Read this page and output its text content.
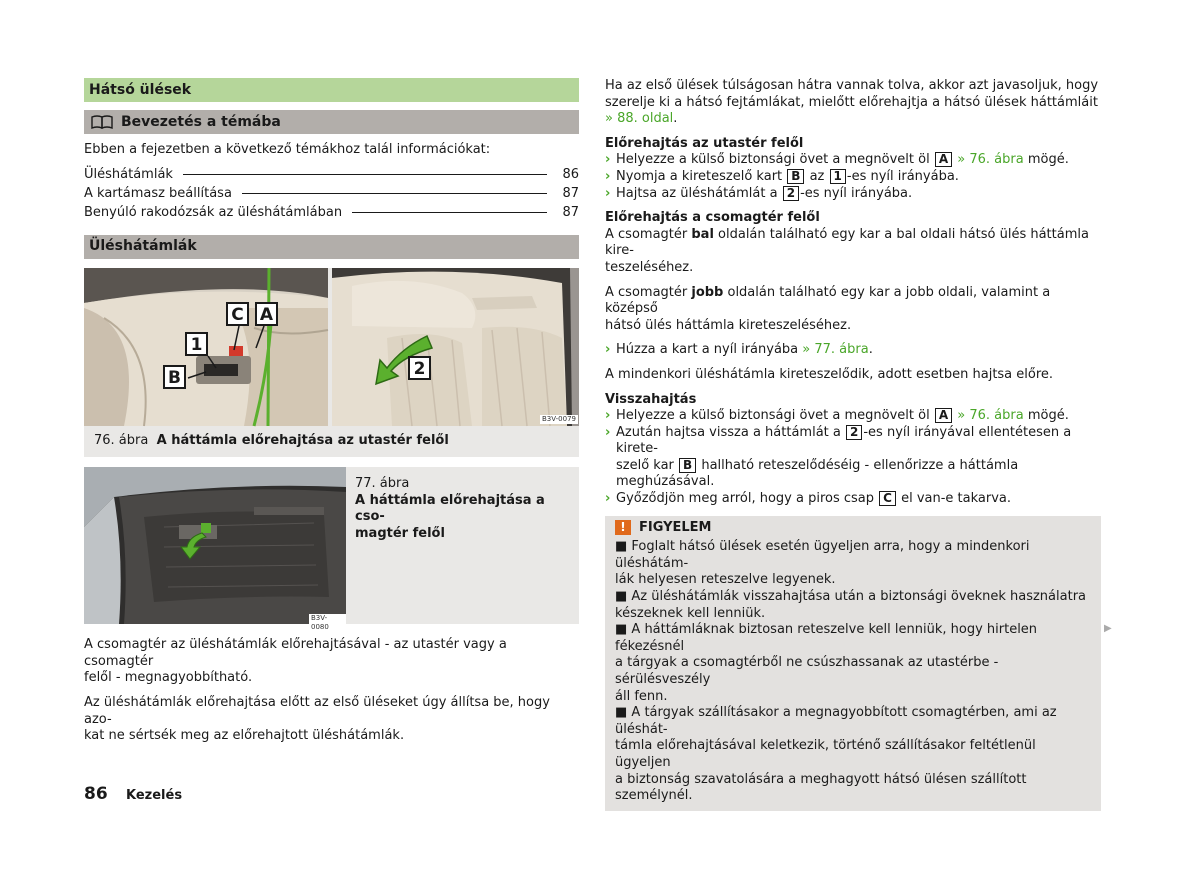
Hátsó ülések
Bevezetés a témába
Ebben a fejezetben a következő témákhoz talál információkat:
Üléshátámlák	86
A kartámasz beállítása	87
Benyúló rakodózsák az üléshátámlában	87
Üléshátámlák
C A
1
B	2
B3V-0079
76. ábra A háttámla előrehajtása az utastér felől
B3V-0080
77. ábra
A háttámla előrehajtása a cso-
magtér felől
A csomagtér az üléshátámlák előrehajtásával - az utastér vagy a csomagtér
felől - megnagyobbítható.
Az üléshátámlák előrehajtása előtt az első üléseket úgy állítsa be, hogy azo-
kat ne sértsék meg az előrehajtott üléshátámlák.
Ha az első ülések túlságosan hátra vannak tolva, akkor azt javasoljuk, hogy
szerelje ki a hátsó fejtámlákat, mielőtt előrehajtja a hátsó ülések háttámláit
» 88. oldal.
Előrehajtás az utastér felől
› Helyezze a külső biztonsági övet a megnövelt öl A » 76. ábra mögé.
› Nyomja a kireteszelő kart B az 1 -es nyíl irányába.
› Hajtsa az üléshátámlát a 2 -es nyíl irányába.
Előrehajtás a csomagtér felől
A csomagtér bal oldalán található egy kar a bal oldali hátsó ülés háttámla kire-
teszeléséhez.
A csomagtér jobb oldalán található egy kar a jobb oldali, valamint a középső
hátsó ülés háttámla kireteszeléséhez.
› Húzza a kart a nyíl irányába » 77. ábra.
A mindenkori üléshátámla kireteszelődik, adott esetben hajtsa előre.
Visszahajtás
› Helyezze a külső biztonsági övet a megnövelt öl A » 76. ábra mögé.
› Azután hajtsa vissza a háttámlát a 2 -es nyíl irányával ellentétesen a kirete-
szelő kar B hallható reteszelődéséig - ellenőrizze a háttámla meghúzásával.
› Győződjön meg arról, hogy a piros csap C el van-e takarva.
!	FIGYELEM
■ Foglalt hátsó ülések esetén ügyeljen arra, hogy a mindenkori üléshátám-
lák helyesen reteszelve legyenek.
■ Az üléshátámlák visszahajtása után a biztonsági öveknek használatra
készeknek kell lenniük.
■ A háttámláknak biztosan reteszelve kell lenniük, hogy hirtelen fékezésnél
a tárgyak a csomagtérből ne csúszhassanak az utastérbe - sérülésveszély
áll fenn.
■ A tárgyak szállításakor a megnagyobbított csomagtérben, ami az üléshát-
támla előrehajtásával keletkezik, történő szállításakor feltétlenül ügyeljen
a biztonság szavatolására a meghagyott hátsó ülésen szállított személynél.
▶
86	Kezelés
